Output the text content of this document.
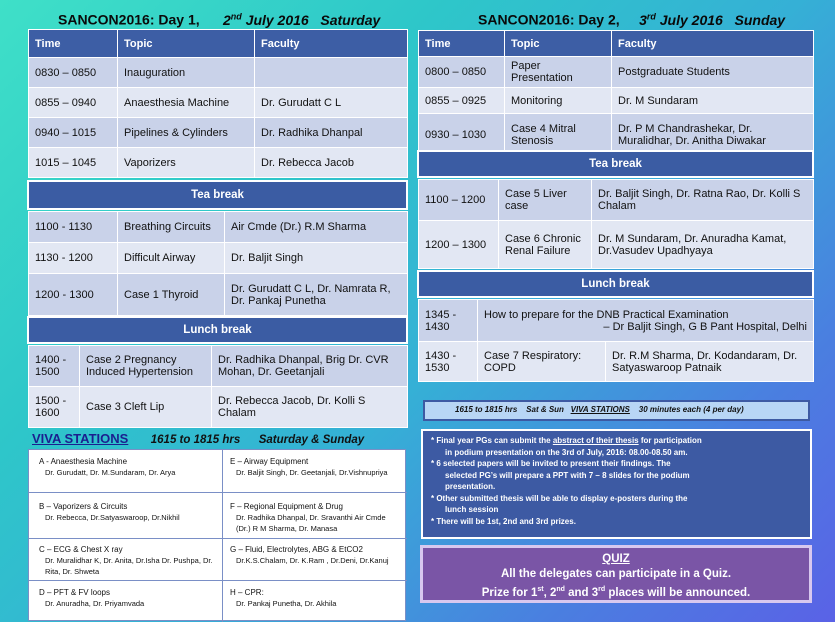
SANCON2016: Day 1, 2nd July 2016 Saturday
Time	Topic	Faculty
0830 – 0850	Inauguration	
0855 – 0940	Anaesthesia Machine	Dr. Gurudatt C L
0940 – 1015	Pipelines & Cylinders	Dr. Radhika Dhanpal
1015 – 1045	Vaporizers	Dr. Rebecca Jacob
Tea break
1100 - 1130	Breathing Circuits	Air Cmde (Dr.) R.M Sharma
1130 - 1200	Difficult Airway	Dr. Baljit Singh
1200 - 1300	Case 1 Thyroid	Dr. Gurudatt C L, Dr. Namrata R, Dr. Pankaj Punetha
Lunch break
1400 - 1500	Case 2 Pregnancy Induced Hypertension	Dr. Radhika Dhanpal, Brig Dr. CVR Mohan, Dr. Geetanjali
1500 - 1600	Case 3 Cleft Lip	Dr. Rebecca Jacob, Dr. Kolli S Chalam
VIVA STATIONS 1615 to 1815 hrs Saturday & Sunday
A - Anaesthesia Machine
Dr. Gurudatt, Dr. M.Sundaram, Dr. Arya
E – Airway Equipment
Dr. Baljit Singh, Dr. Geetanjali, Dr.Vishnupriya
B – Vaporizers & Circuits
Dr. Rebecca, Dr.Satyaswaroop, Dr.Nikhil
F – Regional Equipment & Drug
Dr. Radhika Dhanpal, Dr. Sravanthi Air Cmde (Dr.) R M Sharma, Dr. Manasa
C – ECG & Chest X ray
Dr. Muralidhar K, Dr. Anita, Dr.Isha Dr. Pushpa, Dr. Rita, Dr. Shweta
G – Fluid, Electrolytes, ABG & EtCO2
Dr.K.S.Chalam, Dr. K.Ram , Dr.Deni, Dr.Kanuj
D – PFT & FV loops
Dr. Anuradha, Dr. Priyamvada
H – CPR:
Dr. Pankaj Punetha, Dr. Akhila
SANCON2016: Day 2, 3rd July 2016 Sunday
Time	Topic	Faculty
0800 – 0850	Paper Presentation	Postgraduate Students
0855 – 0925	Monitoring	Dr. M Sundaram
0930 – 1030	Case 4 Mitral Stenosis	Dr. P M Chandrashekar, Dr. Muralidhar, Dr. Anitha Diwakar
Tea break
1100 – 1200	Case 5 Liver case	Dr. Baljit Singh, Dr. Ratna Rao, Dr. Kolli S Chalam
1200 – 1300	Case 6 Chronic Renal Failure	Dr. M Sundaram, Dr. Anuradha Kamat, Dr.Vasudev Upadhyaya
Lunch break
1345 - 1430	How to prepare for the DNB Practical Examination
– Dr Baljit Singh, G B Pant Hospital, Delhi	

1430 - 1530	Case 7 Respiratory: COPD	Dr. R.M Sharma, Dr. Kodandaram, Dr. Satyaswaroop Patnaik
1615 to 1815 hrs Sat & Sun VIVA STATIONS 30 minutes each (4 per day)
* Final year PGs can submit the abstract of their thesis for participation
in podium presentation on the 3rd of July, 2016: 08.00-08.50 am.
* 6 selected papers will be invited to present their findings. The
selected PG’s will prepare a PPT with 7 – 8 slides for the podium
presentation.
* Other submitted thesis will be able to display e-posters during the
lunch session
* There will be 1st, 2nd and 3rd prizes.
QUIZ
All the delegates can participate in a Quiz.
Prize for 1st, 2nd and 3rd places will be announced.
